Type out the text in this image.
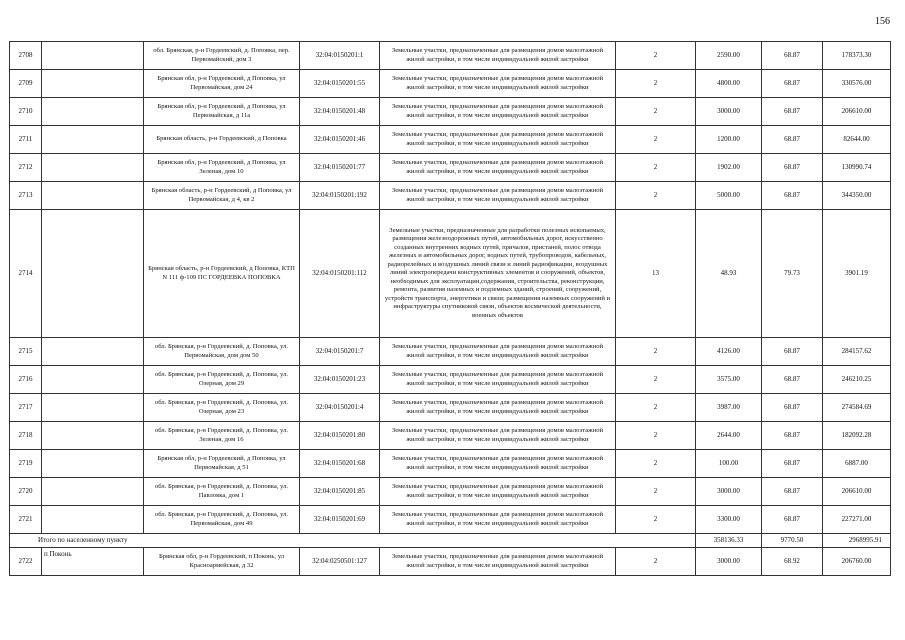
156
2708		обл. Брянская, р-н Гордеевский, д. Поповка, пер. Первомайский, дом 3	32:04:0150201:1	Земельные участки, предназначенные для размещения домов малоэтажной жилой застройки, в том числе индивидуальной жилой застройки	2	2590.00	68.87	178373.30
2709		Брянская обл, р-н Гордеевский, д Поповка, ул Первомайская, дом 24	32:04:0150201:55	Земельные участки, предназначенные для размещения домов малоэтажной жилой застройки, в том числе индивидуальной жилой застройки	2	4800.00	68.87	330576.00
2710		Брянская обл, р-н Гордеевский, д Поповка, ул Первомайская, д 11а	32:04:0150201:48	Земельные участки, предназначенные для размещения домов малоэтажной жилой застройки, в том числе индивидуальной жилой застройки	2	3000.00	68.87	206610.00
2711		Брянская область, р-н Гордеевский, д Поповка	32:04:0150201:46	Земельные участки, предназначенные для размещения домов малоэтажной жилой застройки, в том числе индивидуальной жилой застройки	2	1200.00	68.87	82644.00
2712		Брянская обл, р-н Гордеевский, д Поповка, ул Зеленая, дом 10	32:04:0150201:77	Земельные участки, предназначенные для размещения домов малоэтажной жилой застройки, в том числе индивидуальной жилой застройки	2	1902.00	68.87	130990.74
2713		Брянская область, р-н Гордеевский, д Поповка, ул Первомайская, д 4, кв 2	32:04:0150201:192	Земельные участки, предназначенные для размещения домов малоэтажной жилой застройки, в том числе индивидуальной жилой застройки	2	5000.00	68.87	344350.00
2714		Брянская область, р-н Гордеевский, д Поповка, КТП N 111 ф-109 ПС ГОРДЕЕВКА ПОПОВКА	32:04:0150201:112	Земельные участки, предназначенные для разработки полезных ископаемых, размещения железнодорожных путей, автомобильных дорог, искусственно созданных внутренних водных путей, причалов, пристаней, полос отвода железных и автомобильных дорог, водных путей, трубопроводов, кабельных, радиорелейных и воздушных линий связи и линий радиофикации, воздушных линий электропередачи конструктивных элементов и сооружений, объектов, необходимых для эксплуатации,содержания, строительства, реконструкции, ремонта, развития наземных и подземных зданий, строений, сооружений, устройств транспорта, энергетики и связи; размещения наземных сооружений и инфраструктуры спутниковой связи, объектов космической деятельности, военных объектов	13	48.93	79.73	3901.19
2715		обл. Брянская, р-н Гордеевский, д. Поповка, ул. Первомайская, дом дом 50	32:04:0150201:7	Земельные участки, предназначенные для размещения домов малоэтажной жилой застройки, в том числе индивидуальной жилой застройки	2	4126.00	68.87	284157.62
2716		обл. Брянская, р-н Гордеевский, д. Поповка, ул. Озерная, дом 29	32:04:0150201:23	Земельные участки, предназначенные для размещения домов малоэтажной жилой застройки, в том числе индивидуальной жилой застройки	2	3575.00	68.87	246210.25
2717		обл. Брянская, р-н Гордеевский, д. Поповка, ул. Озерная, дом 23	32:04:0150201:4	Земельные участки, предназначенные для размещения домов малоэтажной жилой застройки, в том числе индивидуальной жилой застройки	2	3987.00	68.87	274584.69
2718		обл. Брянская, р-н Гордеевский, д. Поповка, ул. Зеленая, дом 16	32:04:0150201:80	Земельные участки, предназначенные для размещения домов малоэтажной жилой застройки, в том числе индивидуальной жилой застройки	2	2644.00	68.87	182092.28
2719		Брянская обл, р-н Гордеевский, д Поповка, ул Первомайская, д 51	32:04:0150201:68	Земельные участки, предназначенные для размещения домов малоэтажной жилой застройки, в том числе индивидуальной жилой застройки	2	100.00	68.87	6887.00
2720		обл. Брянская, р-н Гордеевский, д. Поповка, ул. Павловка, дом 1	32:04:0150201:85	Земельные участки, предназначенные для размещения домов малоэтажной жилой застройки, в том числе индивидуальной жилой застройки	2	3000.00	68.87	206610.00
2721		обл. Брянская, р-н Гордеевский, д. Поповка, ул. Первомайская, дом 49	32:04:0150201:69	Земельные участки, предназначенные для размещения домов малоэтажной жилой застройки, в том числе индивидуальной жилой застройки	2	3300.00	68.87	227271.00
Итого по населенному пункту						358136.33	9770.50	2968995.91
2722	п Поконь	Брянская обл, р-н Гордеевский, п Поконь, ул Красноармейская, д 32	32:04:0250501:127	Земельные участки, предназначенные для размещения домов малоэтажной жилой застройки, в том числе индивидуальной жилой застройки	2	3000.00	68.92	206760.00
